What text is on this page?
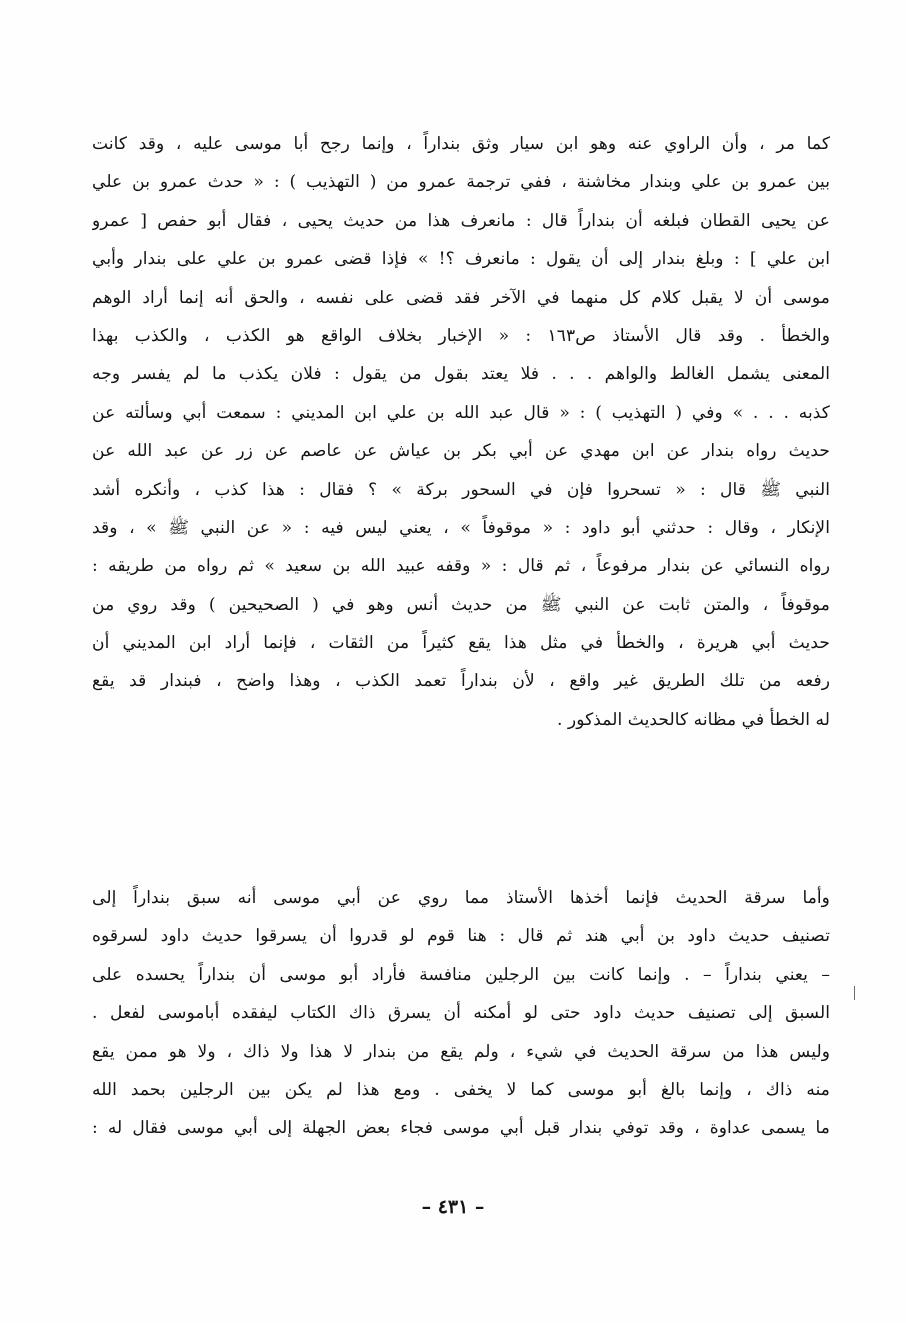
كما مر ، وأن الراوي عنه وهو ابن سيار وثق بنداراً ، وإنما رجح أبا موسى عليه ، وقد كانت
بين عمرو بن علي وبندار مخاشنة ، ففي ترجمة عمرو من ( التهذيب ) : « حدث عمرو بن علي
عن يحيى القطان فبلغه أن بنداراً قال : مانعرف هذا من حديث يحيى ، فقال أبو حفص [ عمرو
ابن علي ] : وبلغ بندار إلى أن يقول : مانعرف ؟! » فإذا قضى عمرو بن علي على بندار وأبي
موسى أن لا يقبل كلام كل منهما في الآخر فقد قضى على نفسه ، والحق أنه إنما أراد الوهم
والخطأ . وقد قال الأستاذ ص١٦٣ : « الإخبار بخلاف الواقع هو الكذب ، والكذب بهذا
المعنى يشمل الغالط والواهم . . . فلا يعتد بقول من يقول : فلان يكذب ما لم يفسر وجه
كذبه . . . » وفي ( التهذيب ) : « قال عبد الله بن علي ابن المديني : سمعت أبي وسألته عن
حديث رواه بندار عن ابن مهدي عن أبي بكر بن عياش عن عاصم عن زر عن عبد الله عن
النبي ﷺ قال : « تسحروا فإن في السحور بركة » ؟ فقال : هذا كذب ، وأنكره أشد
الإنكار ، وقال : حدثني أبو داود : « موقوفاً » ، يعني ليس فيه : « عن النبي ﷺ » ، وقد
رواه النسائي عن بندار مرفوعاً ، ثم قال : « وقفه عبيد الله بن سعيد » ثم رواه من طريقه :
موقوفاً ، والمتن ثابت عن النبي ﷺ من حديث أنس وهو في ( الصحيحين ) وقد روي من
حديث أبي هريرة ، والخطأ في مثل هذا يقع كثيراً من الثقات ، فإنما أراد ابن المديني أن
رفعه من تلك الطريق غير واقع ، لأن بنداراً تعمد الكذب ، وهذا واضح ، فبندار قد يقع
له الخطأ في مظانه كالحديث المذكور .
وأما سرقة الحديث فإنما أخذها الأستاذ مما روي عن أبي موسى أنه سبق بنداراً إلى
تصنيف حديث داود بن أبي هند ثم قال : هنا قوم لو قدروا أن يسرقوا حديث داود لسرقوه
– يعني بنداراً – . وإنما كانت بين الرجلين منافسة فأراد أبو موسى أن بنداراً يحسده على
السبق إلى تصنيف حديث داود حتى لو أمكنه أن يسرق ذاك الكتاب ليفقده أباموسى لفعل .
وليس هذا من سرقة الحديث في شيء ، ولم يقع من بندار لا هذا ولا ذاك ، ولا هو ممن يقع
منه ذاك ، وإنما بالغ أبو موسى كما لا يخفى . ومع هذا لم يكن بين الرجلين بحمد الله
ما يسمى عداوة ، وقد توفي بندار قبل أبي موسى فجاء بعض الجهلة إلى أبي موسى فقال له :
– ٤٣١ –
